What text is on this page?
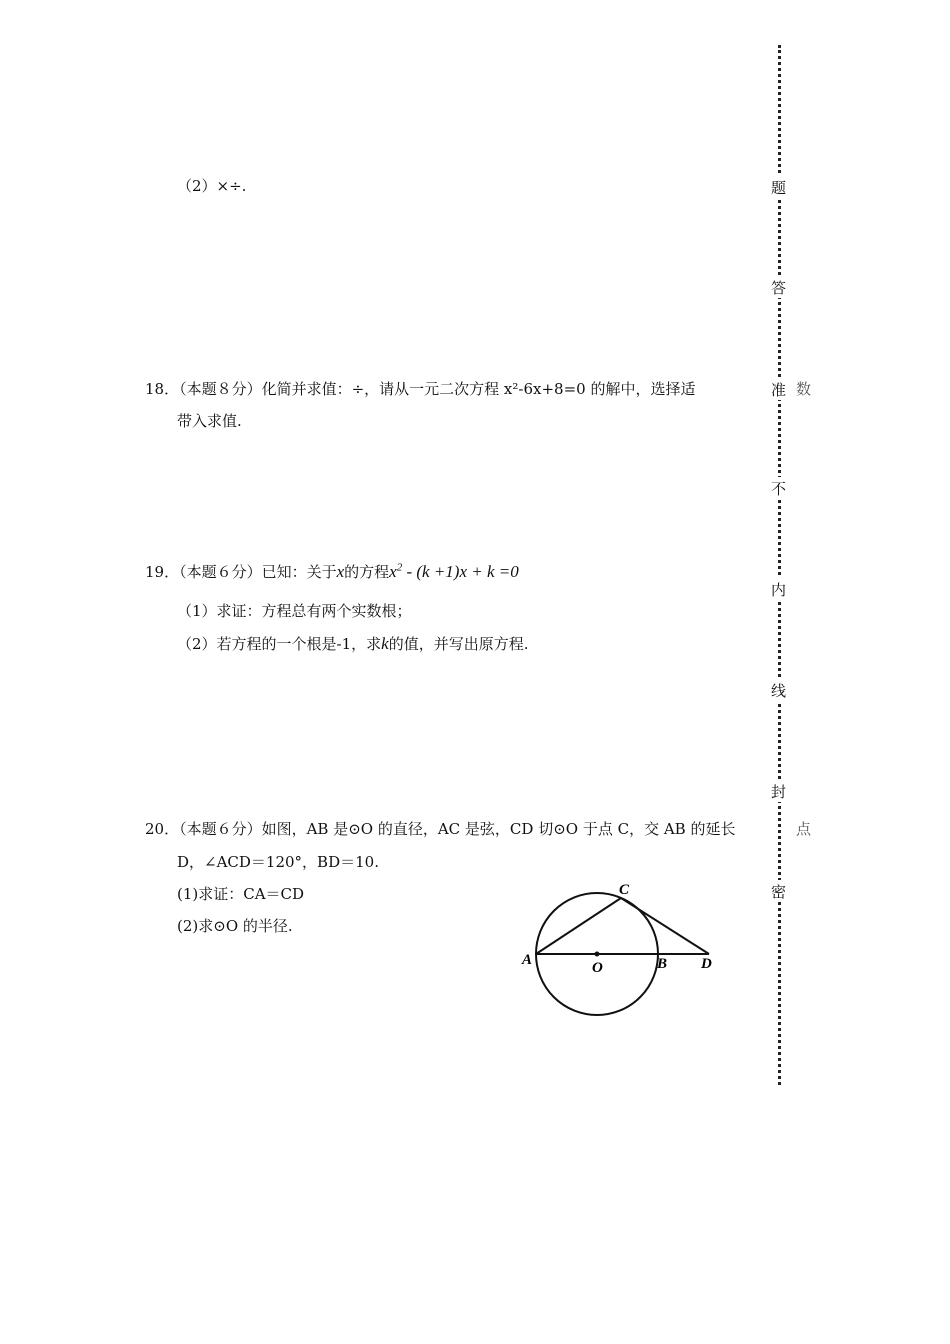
（2）×÷.
18．（本题８分）化简并求值：÷，请从一元二次方程 x²-6x+8=0 的解中，选择适
带入求值.
数
19．（本题６分）已知：关于x的方程$x^2 - (k +1)x + k =0$
（1）求证：方程总有两个实数根；
（2）若方程的一个根是-1，求k的值，并写出原方程.
20．（本题６分）如图，AB 是⊙O 的直径，AC 是弦，CD 切⊙O 于点 C，交 AB 的延长	点
D，∠ACD＝120°，BD＝10.
(1)求证：CA＝CD
(2)求⊙O 的半径.
A	O	B
C
D
题
答
准
不
内
线
封
密
